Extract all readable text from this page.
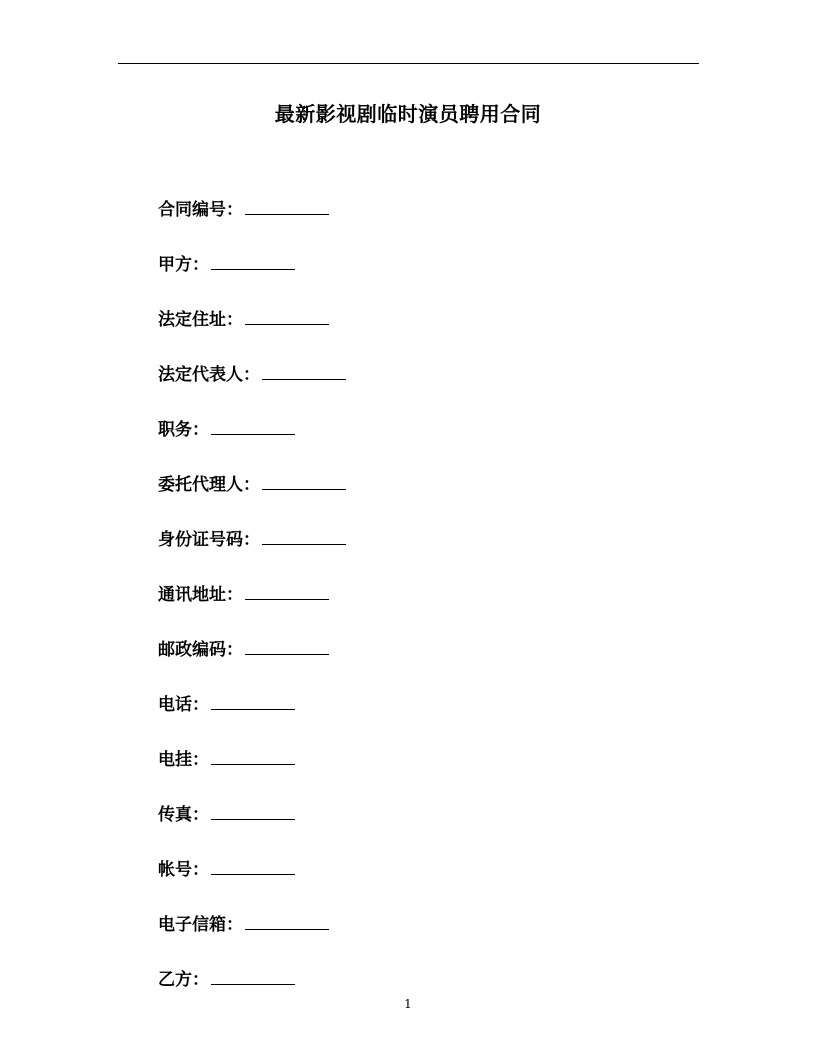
最新影视剧临时演员聘用合同
合同编号：
甲方：
法定住址：
法定代表人：
职务：
委托代理人：
身份证号码：
通讯地址：
邮政编码：
电话：
电挂：
传真：
帐号：
电子信箱：
乙方：
1
